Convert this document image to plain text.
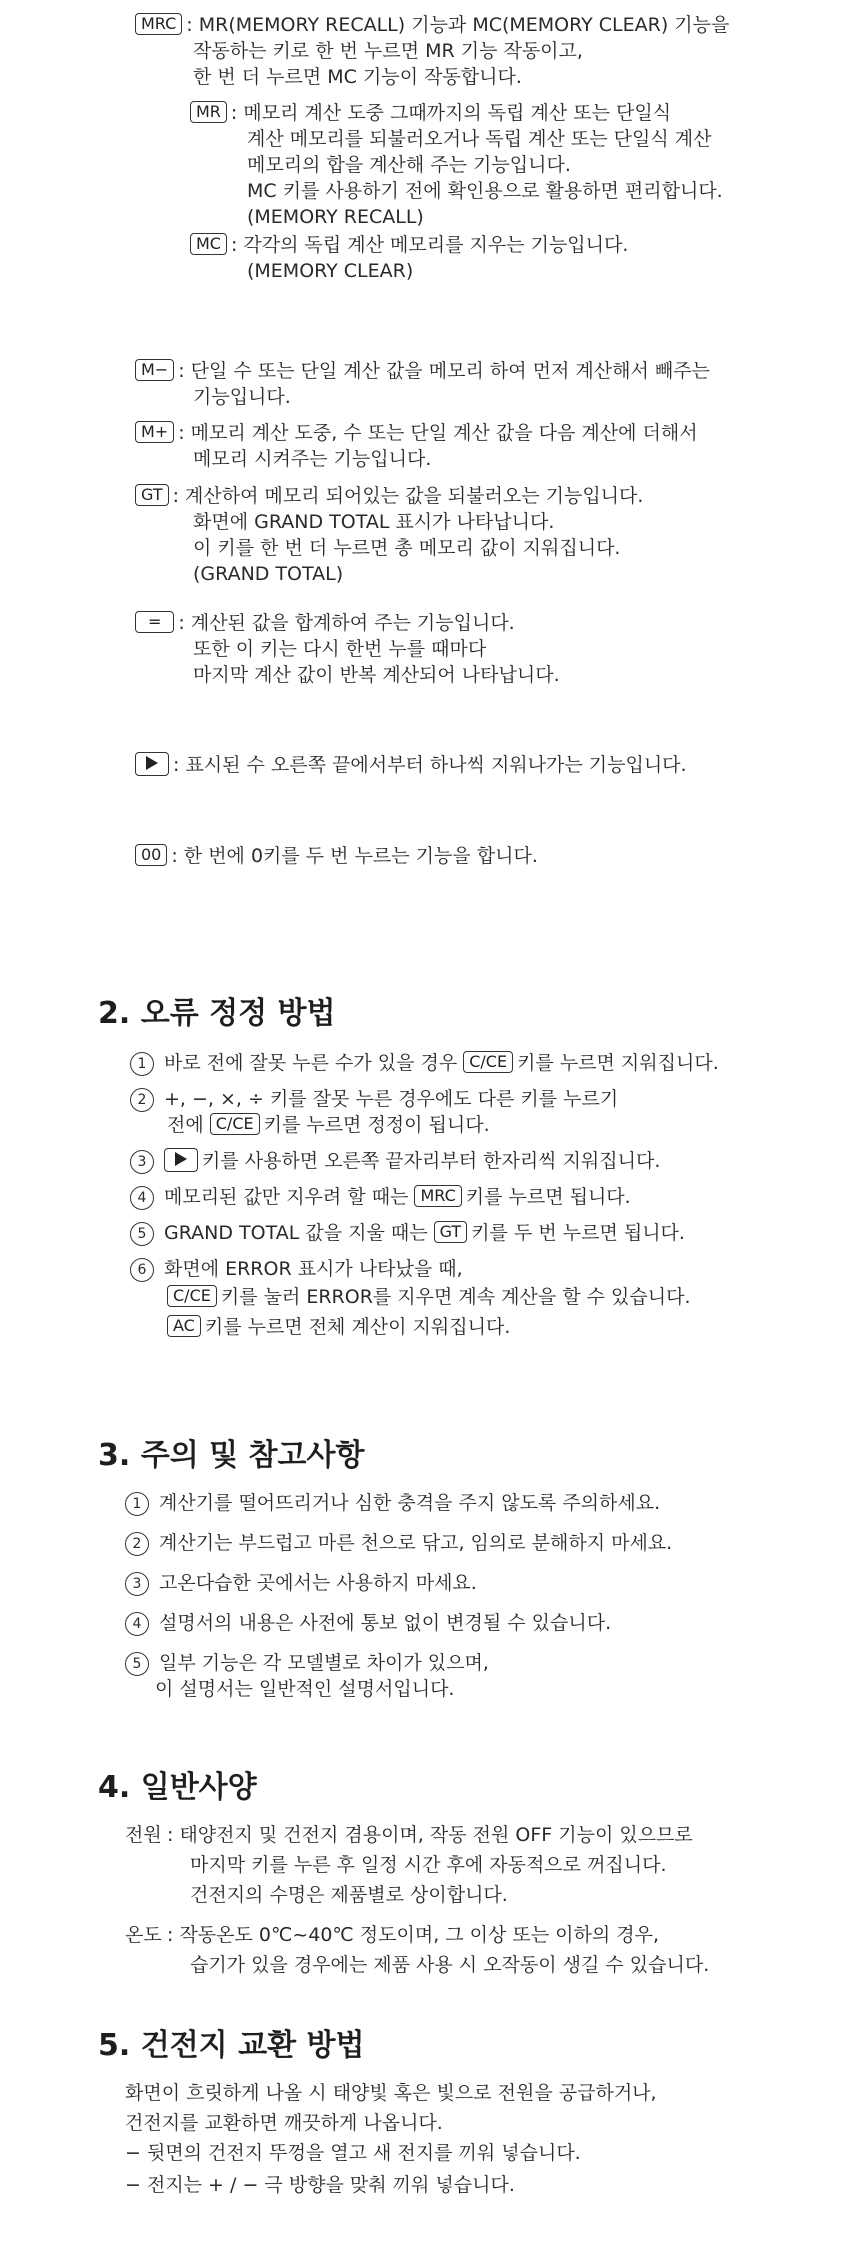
MRC : MR(MEMORY RECALL) 기능과 MC(MEMORY CLEAR) 기능을
작동하는 키로 한 번 누르면 MR 기능 작동이고,
한 번 더 누르면 MC 기능이 작동합니다.
MR : 메모리 계산 도중 그때까지의 독립 계산 또는 단일식
계산 메모리를 되불러오거나 독립 계산 또는 단일식 계산
메모리의 합을 계산해 주는 기능입니다.
MC 키를 사용하기 전에 확인용으로 활용하면 편리합니다.
(MEMORY RECALL)
MC : 각각의 독립 계산 메모리를 지우는 기능입니다.
(MEMORY CLEAR)
M− : 단일 수 또는 단일 계산 값을 메모리 하여 먼저 계산해서 빼주는
기능입니다.
M+ : 메모리 계산 도중, 수 또는 단일 계산 값을 다음 계산에 더해서
메모리 시켜주는 기능입니다.
GT : 계산하여 메모리 되어있는 값을 되불러오는 기능입니다.
화면에 GRAND TOTAL 표시가 나타납니다.
이 키를 한 번 더 누르면 총 메모리 값이 지워집니다.
(GRAND TOTAL)
= : 계산된 값을 합계하여 주는 기능입니다.
또한 이 키는 다시 한번 누를 때마다
마지막 계산 값이 반복 계산되어 나타납니다.
: 표시된 수 오른쪽 끝에서부터 하나씩 지워나가는 기능입니다.
00 : 한 번에 0키를 두 번 누르는 기능을 합니다.
2. 오류 정정 방법
1 바로 전에 잘못 누른 수가 있을 경우 C/CE 키를 누르면 지워집니다.
2 +, −, ×, ÷ 키를 잘못 누른 경우에도 다른 키를 누르기
전에 C/CE 키를 누르면 정정이 됩니다.
3	키를 사용하면 오른쪽 끝자리부터 한자리씩 지워집니다.
4 메모리된 값만 지우려 할 때는 MRC 키를 누르면 됩니다.
5 GRAND TOTAL 값을 지울 때는 GT 키를 두 번 누르면 됩니다.
6 화면에 ERROR 표시가 나타났을 때,
C/CE 키를 눌러 ERROR를 지우면 계속 계산을 할 수 있습니다.
AC 키를 누르면 전체 계산이 지워집니다.
3. 주의 및 참고사항
1 계산기를 떨어뜨리거나 심한 충격을 주지 않도록 주의하세요.
2 계산기는 부드럽고 마른 천으로 닦고, 임의로 분해하지 마세요.
3 고온다습한 곳에서는 사용하지 마세요.
4 설명서의 내용은 사전에 통보 없이 변경될 수 있습니다.
5 일부 기능은 각 모델별로 차이가 있으며,
이 설명서는 일반적인 설명서입니다.
4. 일반사양
전원 : 태양전지 및 건전지 겸용이며, 작동 전원 OFF 기능이 있으므로
마지막 키를 누른 후 일정 시간 후에 자동적으로 꺼집니다.
건전지의 수명은 제품별로 상이합니다.
온도 : 작동온도 0℃~40℃ 정도이며, 그 이상 또는 이하의 경우,
습기가 있을 경우에는 제품 사용 시 오작동이 생길 수 있습니다.
5. 건전지 교환 방법
화면이 흐릿하게 나올 시 태양빛 혹은 빛으로 전원을 공급하거나,
건전지를 교환하면 깨끗하게 나옵니다.
− 뒷면의 건전지 뚜껑을 열고 새 전지를 끼워 넣습니다.
− 전지는 + / − 극 방향을 맞춰 끼워 넣습니다.
